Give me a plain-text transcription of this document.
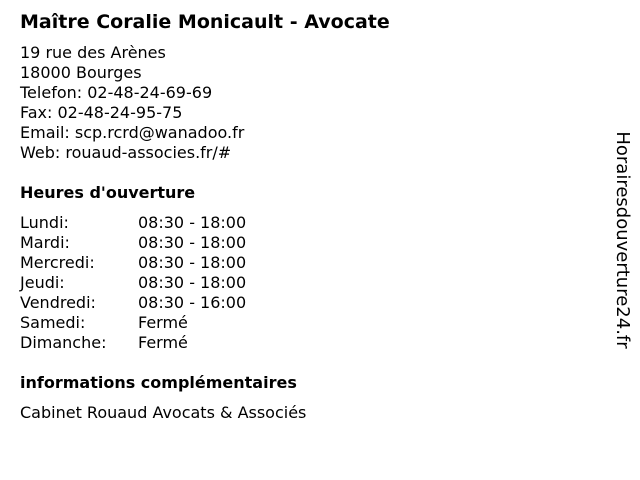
Maître Coralie Monicault - Avocate
19 rue des Arènes
18000 Bourges
Telefon: 02-48-24-69-69
Fax: 02-48-24-95-75
Email: scp.rcrd@wanadoo.fr
Web: rouaud-associes.fr/#
Heures d'ouverture
Lundi:	08:30 - 18:00
Mardi:	08:30 - 18:00
Mercredi:	08:30 - 18:00
Jeudi:	08:30 - 18:00
Vendredi:	08:30 - 16:00
Samedi:	Fermé
Dimanche:	Fermé
informations complémentaires
Cabinet Rouaud Avocats & Associés
Horairesdouverture24.fr
